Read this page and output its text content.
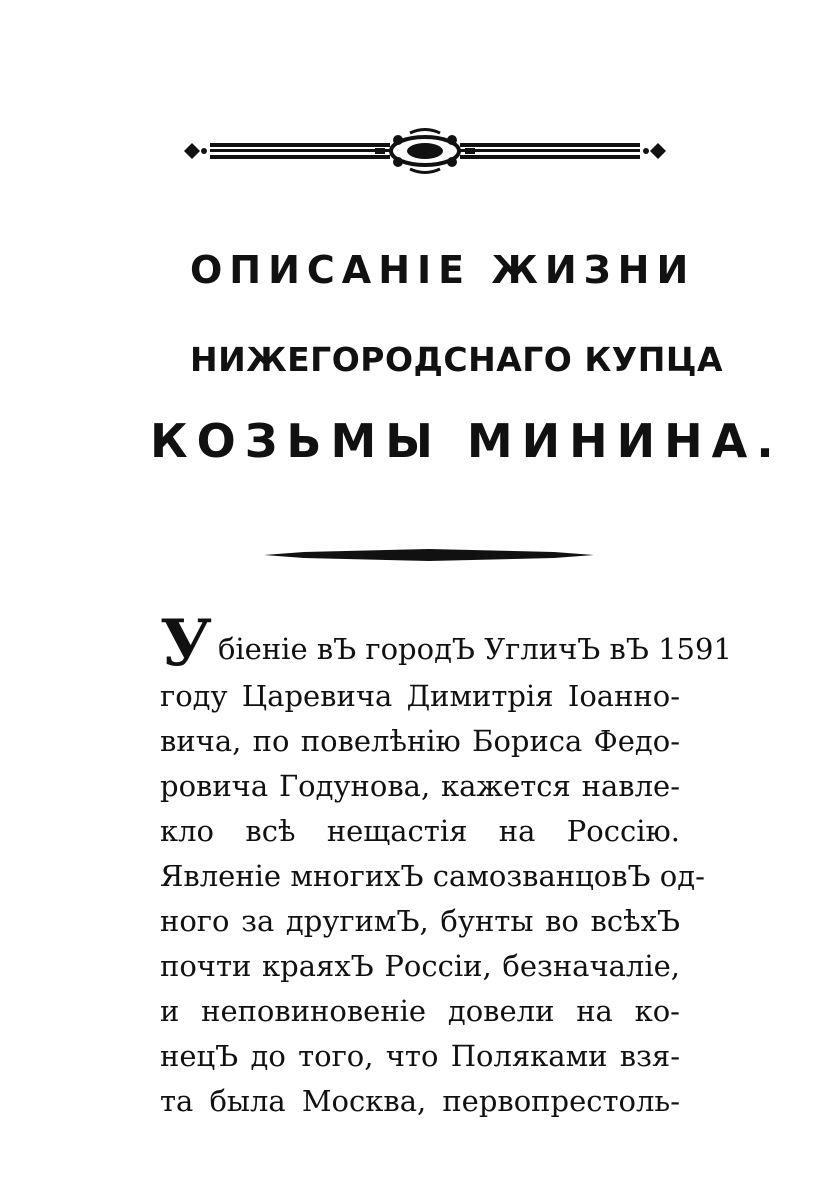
ОПИСАНІЕ ЖИЗНИ
НИЖЕГОРОДСНАГО КУПЦА
КОЗЬМЫ МИНИНА.
У біеніе вЪ городЪ УгличЪ вЪ 1591
году Царевича Димитрія Іоанно-
вича, по повелѣнію Бориса Федо-
ровича Годунова, кажется навле-
кло всѣ нещастія на Россію.
Явленіе многихЪ самозванцовЪ од-
ного за другимЪ, бунты во всѣхЪ
почти краяхЪ Россіи, безначаліе,
и неповиновеніе довели на ко-
нецЪ до того, что Поляками взя-
та была Москва, первопрестоль-
